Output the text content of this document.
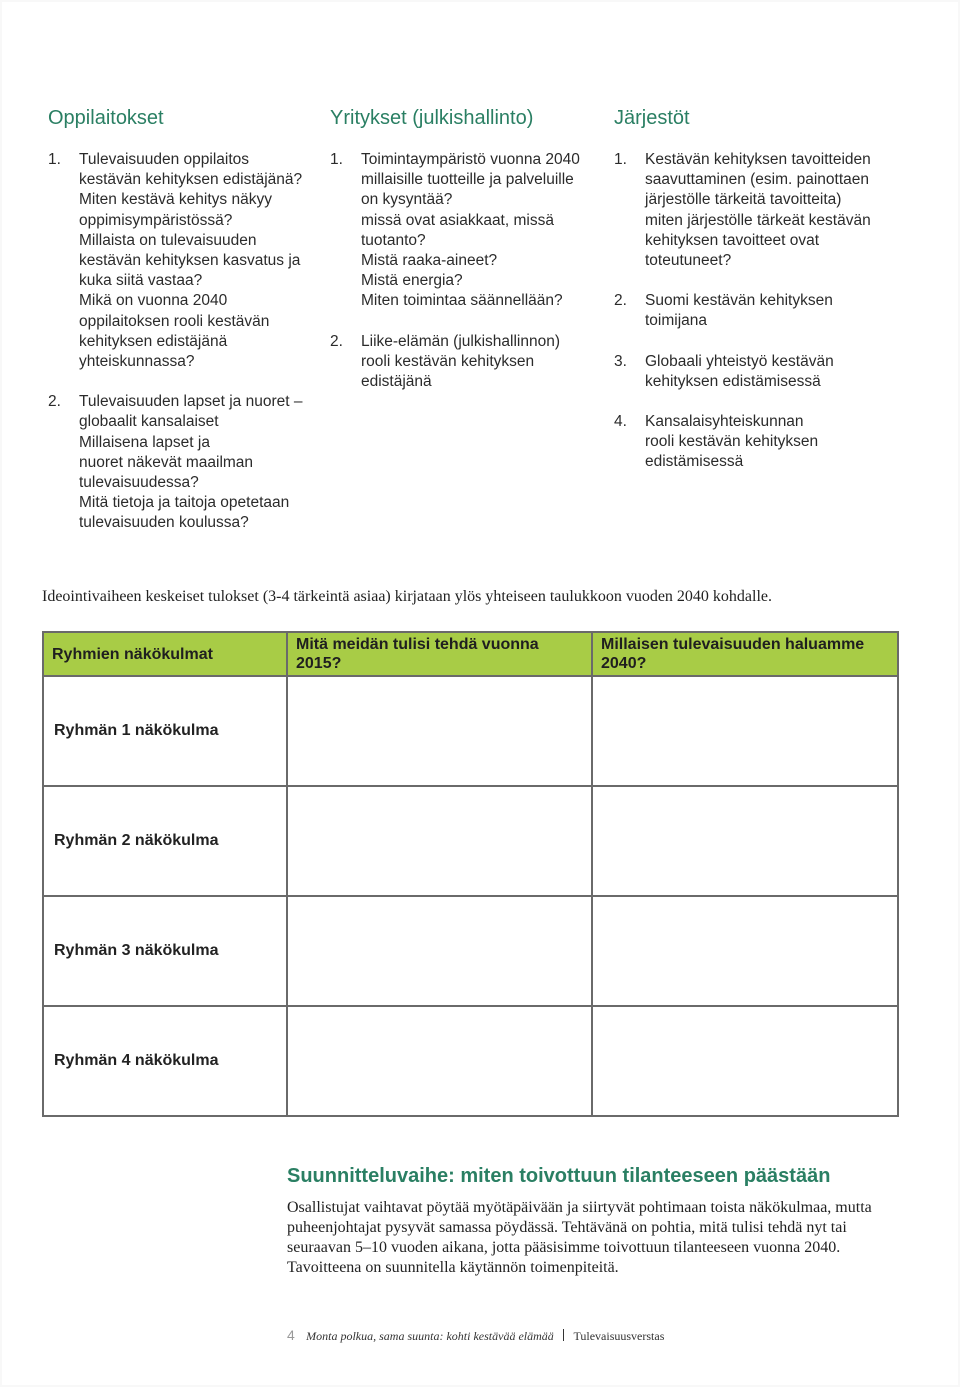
Oppilaitokset
1. Tulevaisuuden oppilaitos

kestävän kehityksen edistäjänä?

Miten kestävä kehitys näkyy

oppimisympäristössä?

Millaista on tulevaisuuden

kestävän kehityksen kasvatus ja

kuka siitä vastaa?

Mikä on vuonna 2040

oppilaitoksen rooli kestävän

kehityksen edistäjänä

yhteiskunnassa?

2. Tulevaisuuden lapset ja nuoret –

globaalit kansalaiset

Millaisena lapset ja

nuoret näkevät maailman

tulevaisuudessa?

Mitä tietoja ja taitoja opetetaan

tulevaisuuden koulussa?

Yritykset (julkishallinto)
1. Toimintaympäristö vuonna 2040

millaisille tuotteille ja palveluille

on kysyntää?

missä ovat asiakkaat, missä

tuotanto?

Mistä raaka-aineet?

Mistä energia?

Miten toimintaa säännellään?

2. Liike-elämän (julkishallinnon)

rooli kestävän kehityksen

edistäjänä

Järjestöt
1. Kestävän kehityksen tavoitteiden

saavuttaminen (esim. painottaen

järjestölle tärkeitä tavoitteita)

miten järjestölle tärkeät kestävän

kehityksen tavoitteet ovat

toteutuneet?

2. Suomi kestävän kehityksen

toimijana

3. Globaali yhteistyö kestävän

kehityksen edistämisessä

4. Kansalaisyhteiskunnan

rooli kestävän kehityksen

edistämisessä

Ideointivaiheen keskeiset tulokset (3-4 tärkeintä asiaa) kirjataan ylös yhteiseen taulukkoon vuoden 2040 kohdalle.
Ryhmien näkökulmat	Mitä meidän tulisi tehdä vuonna 2015?	Millaisen tulevaisuuden haluamme 2040?
Ryhmän 1 näkökulma		
Ryhmän 2 näkökulma		
Ryhmän 3 näkökulma		
Ryhmän 4 näkökulma		
Suunnitteluvaihe: miten toivottuun tilanteeseen päästään

Osallistujat vaihtavat pöytää myötäpäivään ja siirtyvät pohtimaan toista näkökulmaa, mutta puheenjohtajat pysyvät samassa pöydässä. Tehtävänä on pohtia, mitä tulisi tehdä nyt tai seuraavan 5–10 vuoden aikana, jotta pääsisimme toivottuun tilanteeseen vuonna 2040. Tavoitteena on suunnitella käytännön toimenpiteitä.

4 Monta polkua, sama suunta: kohti kestävää elämää Tulevaisuusverstas
